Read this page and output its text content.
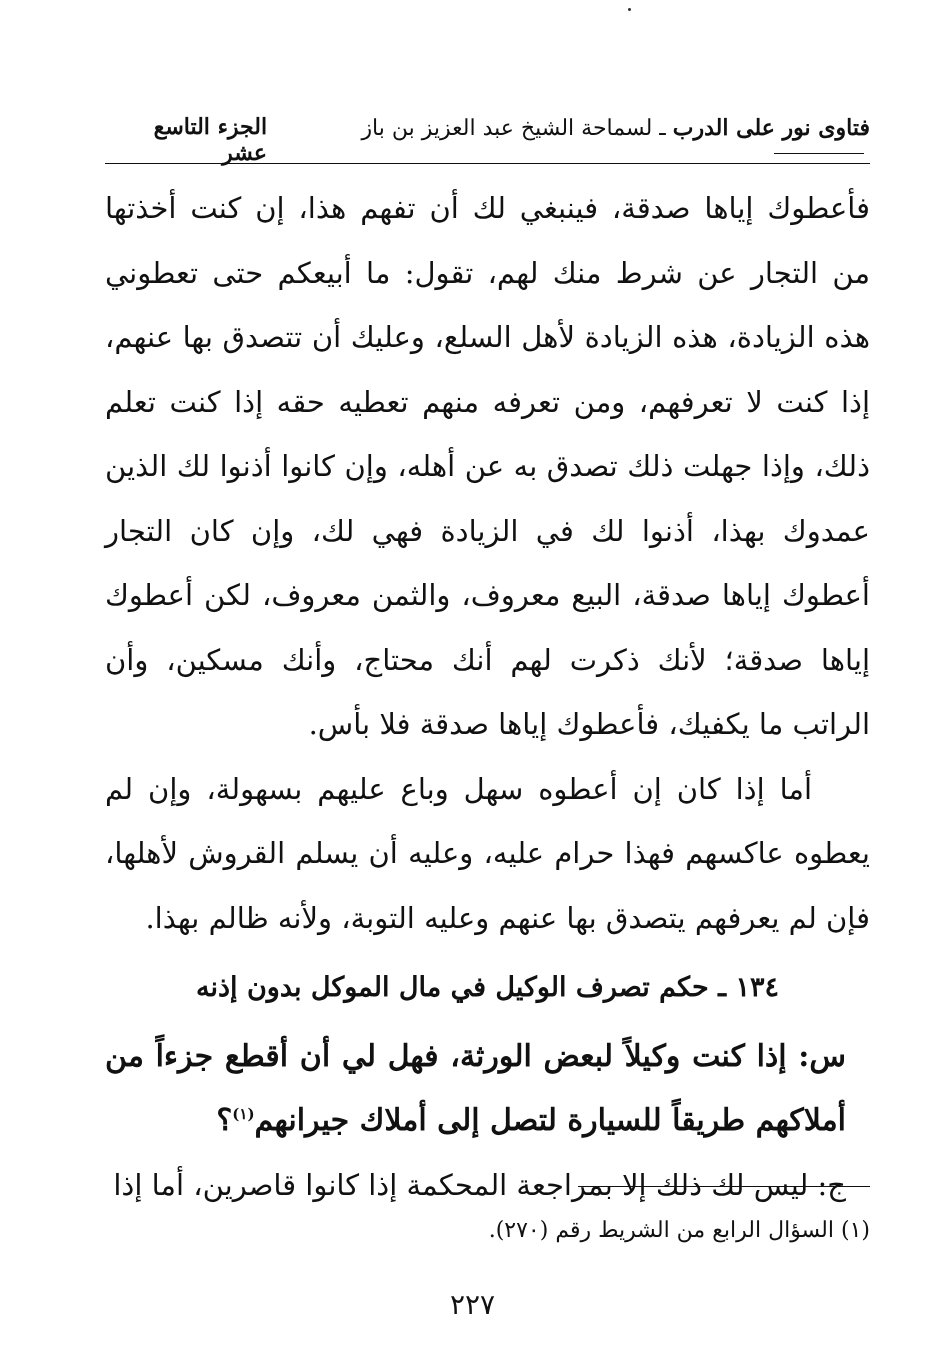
فتاوى نور على الدرب ـ لسماحة الشيخ عبد العزيز بن باز
الجزء التاسع عشر

فأعطوك إياها صدقة، فينبغي لك أن تفهم هذا، إن كنت أخذتها من التجار عن شرط منك لهم، تقول: ما أبيعكم حتى تعطوني هذه الزيادة، هذه الزيادة لأهل السلع، وعليك أن تتصدق بها عنهم، إذا كنت لا تعرفهم، ومن تعرفه منهم تعطيه حقه إذا كنت تعلم ذلك، وإذا جهلت ذلك تصدق به عن أهله، وإن كانوا أذنوا لك الذين عمدوك بهذا، أذنوا لك في الزيادة فهي لك، وإن كان التجار أعطوك إياها صدقة، البيع معروف، والثمن معروف، لكن أعطوك إياها صدقة؛ لأنك ذكرت لهم أنك محتاج، وأنك مسكين، وأن الراتب ما يكفيك، فأعطوك إياها صدقة فلا بأس.

أما إذا كان إن أعطوه سهل وباع عليهم بسهولة، وإن لم يعطوه عاكسهم فهذا حرام عليه، وعليه أن يسلم القروش لأهلها، فإن لم يعرفهم يتصدق بها عنهم وعليه التوبة، ولأنه ظالم بهذا.

١٣٤ ـ حكم تصرف الوكيل في مال الموكل بدون إذنه

س: إذا كنت وكيلاً لبعض الورثة، فهل لي أن أقطع جزءاً من أملاكهم طريقاً للسيارة لتصل إلى أملاك جيرانهم$^{(١)}$؟

ج: ليس لك ذلك إلا بمراجعة المحكمة إذا كانوا قاصرين، أما إذا

(١) السؤال الرابع من الشريط رقم (٢٧٠).
٢٢٧
